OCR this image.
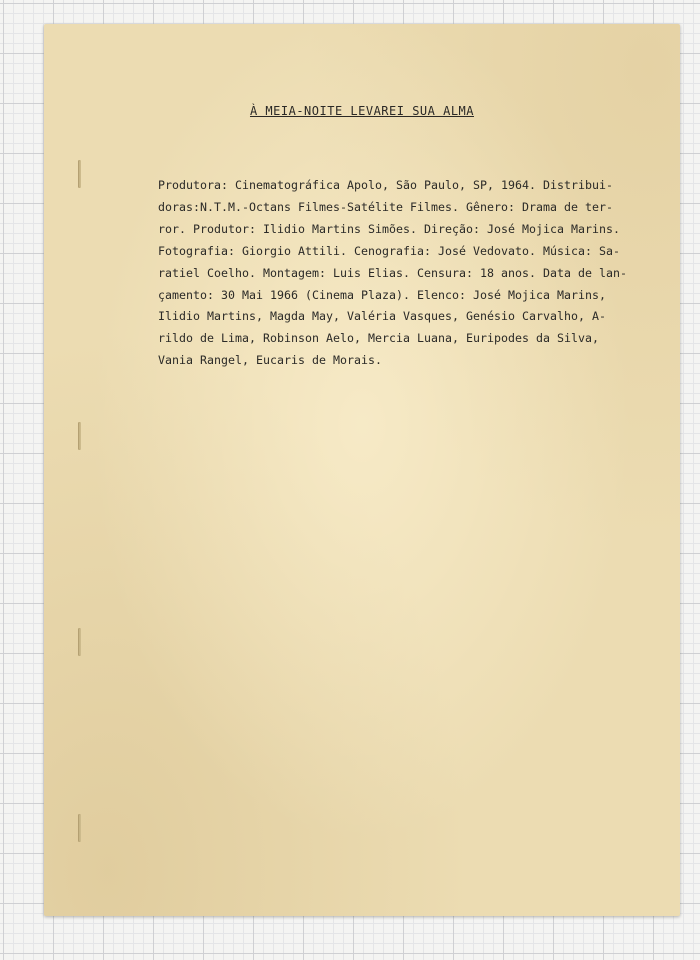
À MEIA-NOITE LEVAREI SUA ALMA
Produtora: Cinematográfica Apolo, São Paulo, SP, 1964. Distribui-
doras:N.T.M.-Octans Filmes-Satélite Filmes. Gênero: Drama de ter-
ror. Produtor: Ilidio Martins Simões. Direção: José Mojica Marins.
Fotografia: Giorgio Attili. Cenografia: José Vedovato. Música: Sa-
ratiel Coelho. Montagem: Luis Elias. Censura: 18 anos. Data de lan-
çamento: 30 Mai 1966 (Cinema Plaza). Elenco: José Mojica Marins,
Ilidio Martins, Magda May, Valéria Vasques, Genésio Carvalho, A-
rildo de Lima, Robinson Aelo, Mercia Luana, Euripodes da Silva,
Vania Rangel, Eucaris de Morais.
